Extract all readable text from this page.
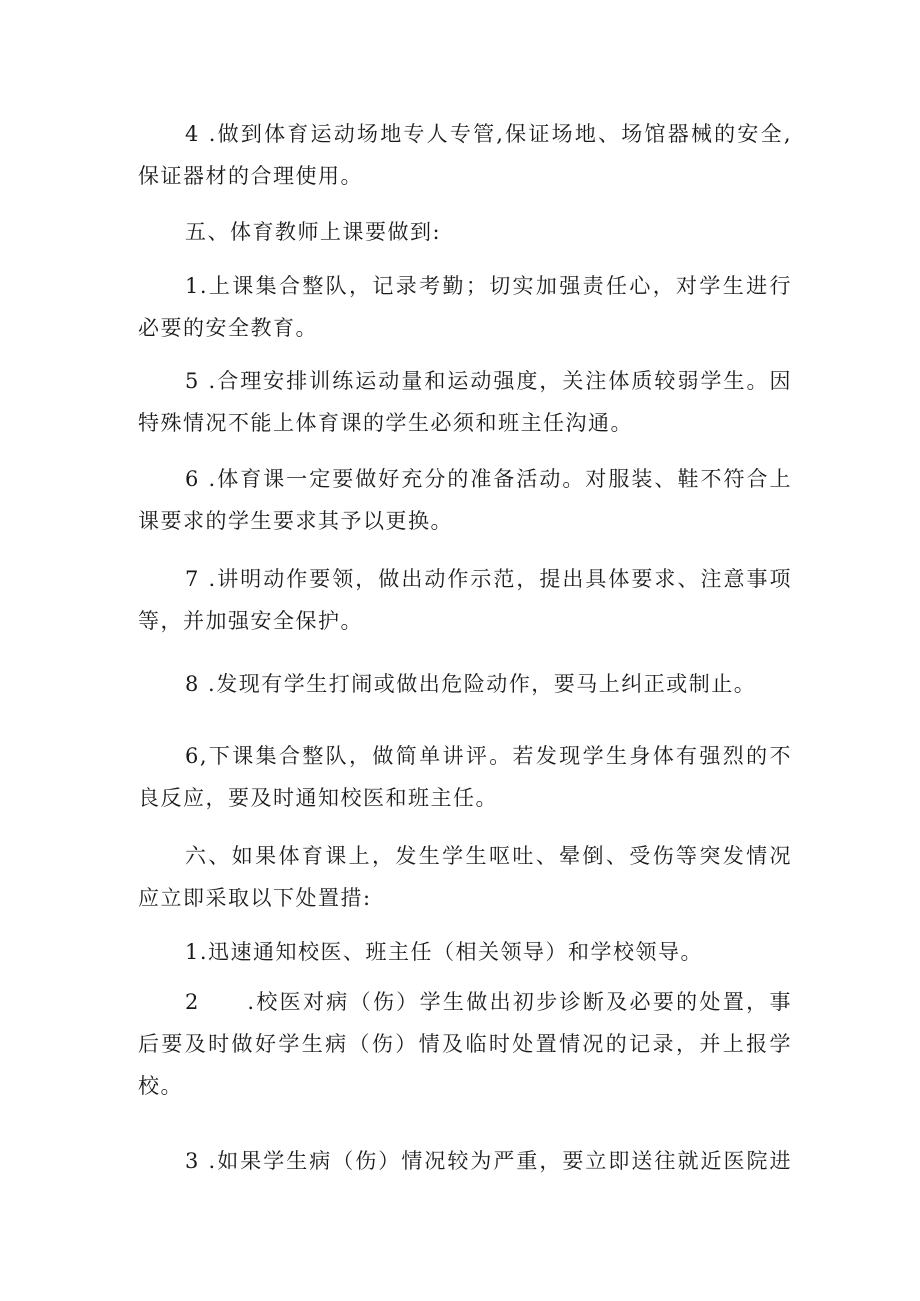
4 .做到体育运动场地专人专管,保证场地、场馆器械的安全,
保证器材的合理使用。
五、体育教师上课要做到:
1.上课集合整队，记录考勤；切实加强责任心，对学生进行
必要的安全教育。
5 .合理安排训练运动量和运动强度，关注体质较弱学生。因
特殊情况不能上体育课的学生必须和班主任沟通。
6 .体育课一定要做好充分的准备活动。对服装、鞋不符合上
课要求的学生要求其予以更换。
7 .讲明动作要领，做出动作示范，提出具体要求、注意事项
等，并加强安全保护。
8 .发现有学生打闹或做出危险动作，要马上纠正或制止。
6,下课集合整队，做简单讲评。若发现学生身体有强烈的不
良反应，要及时通知校医和班主任。
六、如果体育课上，发生学生呕吐、晕倒、受伤等突发情况
应立即采取以下处置措:
1.迅速通知校医、班主任（相关领导）和学校领导。
2　　.校医对病（伤）学生做出初步诊断及必要的处置，事
后要及时做好学生病（伤）情及临时处置情况的记录，并上报学
校。
3 .如果学生病（伤）情况较为严重，要立即送往就近医院进
